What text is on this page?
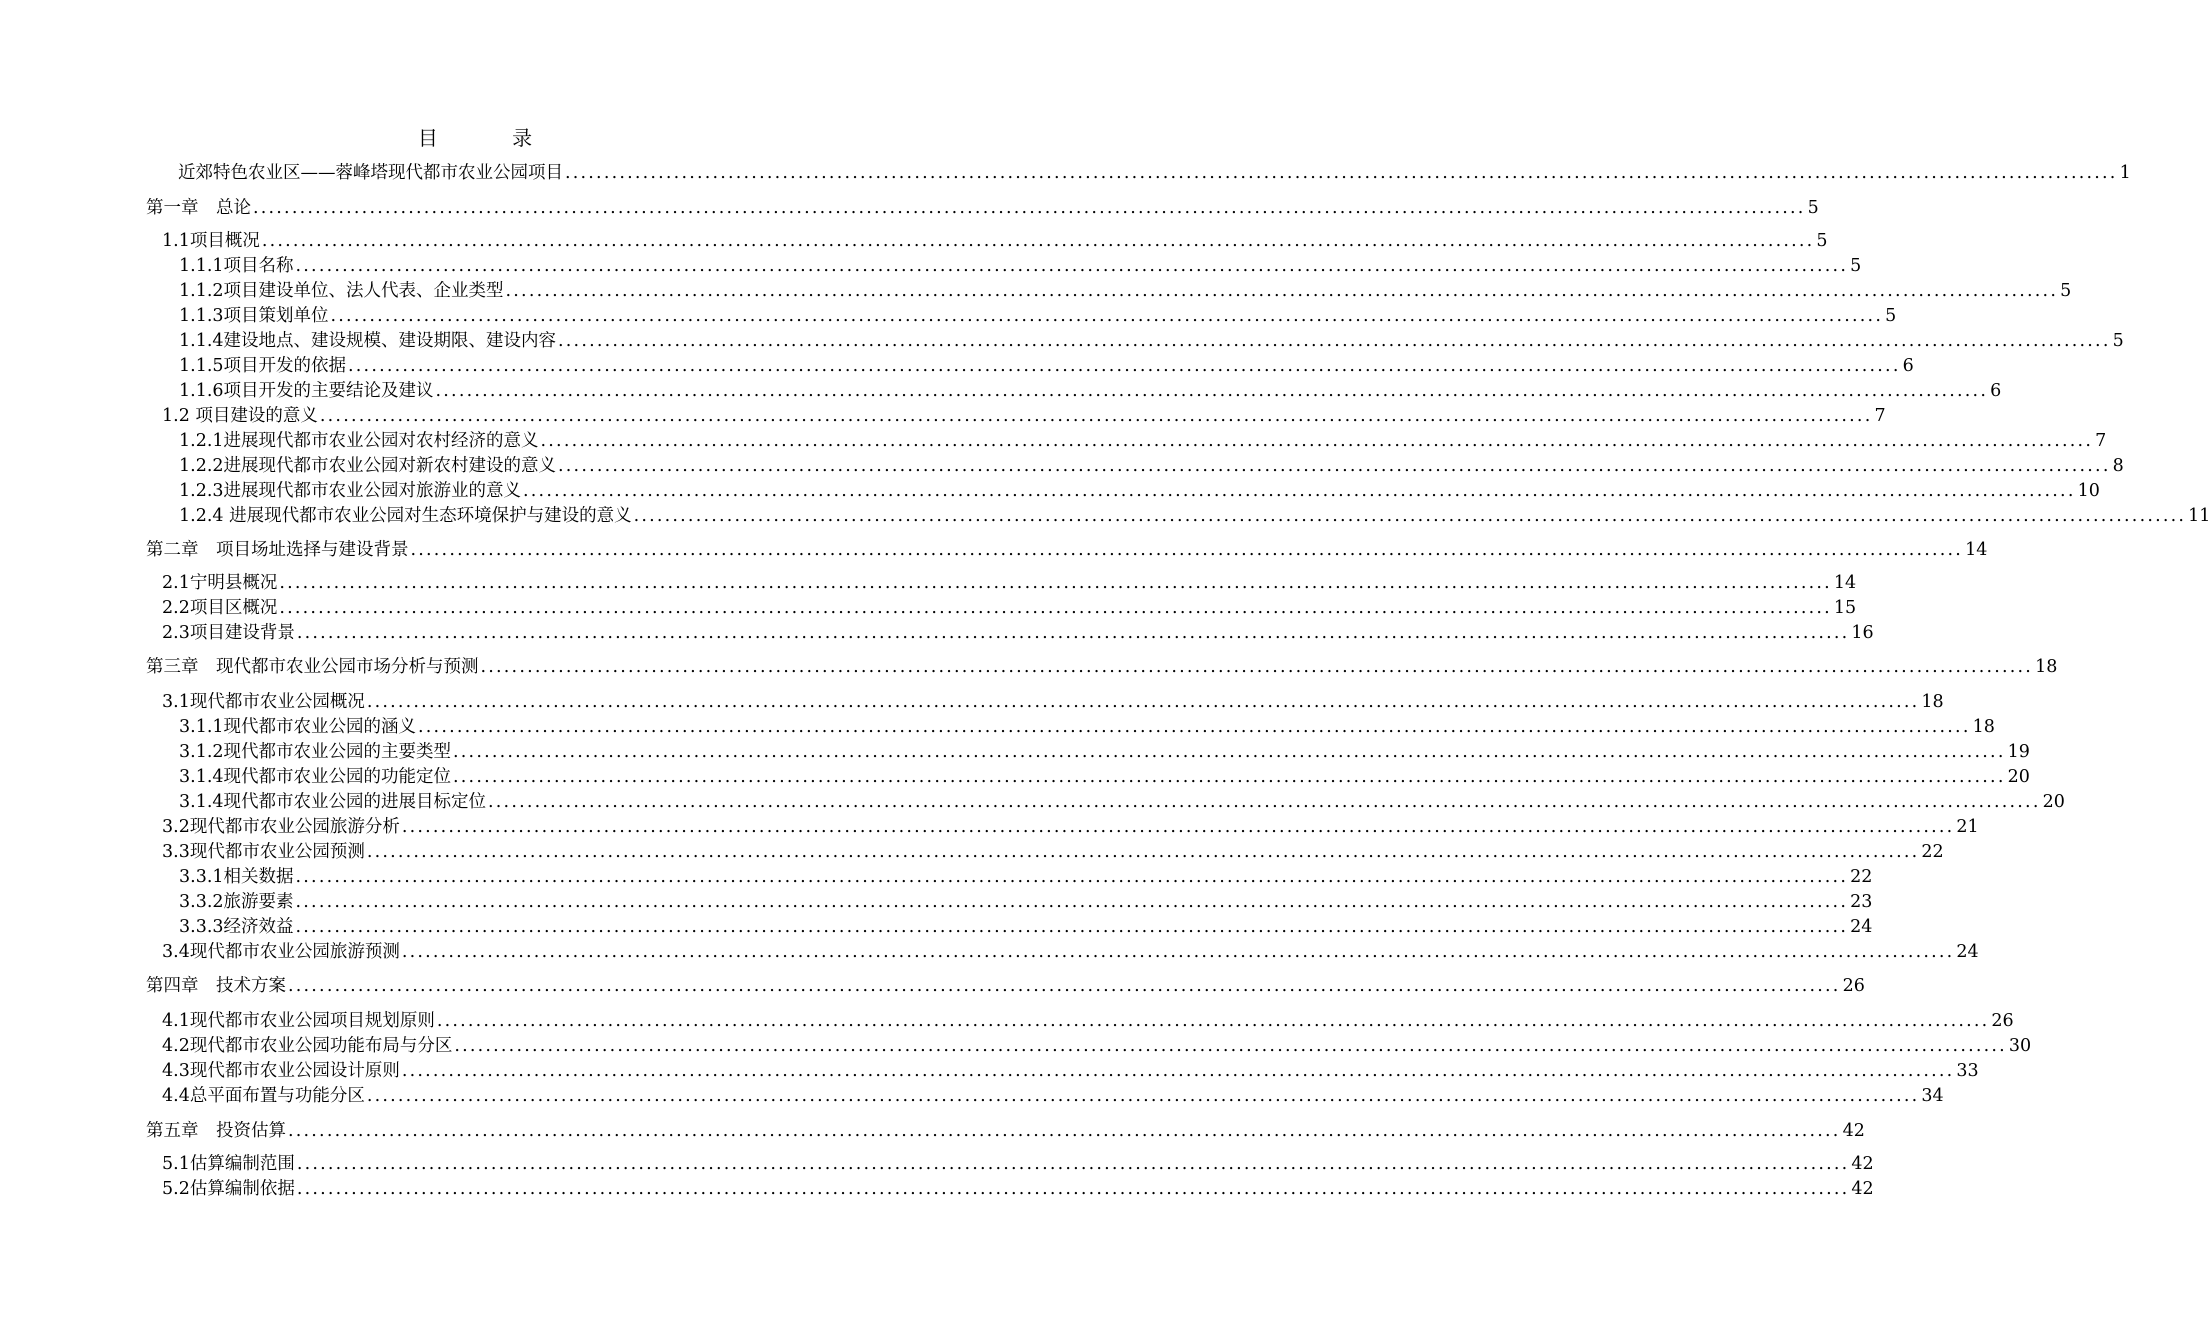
目 录
近郊特色农业区——蓉峰塔现代都市农业公园项目 ........................................................................................................................................................................................................ 1
第一章　总论 ........................................................................................................................................................................................................ 5
1.1项目概况 ........................................................................................................................................................................................................ 5
1.1.1项目名称 ........................................................................................................................................................................................................ 5
1.1.2项目建设单位、法人代表、企业类型 ........................................................................................................................................................................................................ 5
1.1.3项目策划单位 ........................................................................................................................................................................................................ 5
1.1.4建设地点、建设规模、建设期限、建设内容 ........................................................................................................................................................................................................ 5
1.1.5项目开发的依据 ........................................................................................................................................................................................................ 6
1.1.6项目开发的主要结论及建议 ........................................................................................................................................................................................................ 6
1.2 项目建设的意义 ........................................................................................................................................................................................................ 7
1.2.1进展现代都市农业公园对农村经济的意义 ........................................................................................................................................................................................................ 7
1.2.2进展现代都市农业公园对新农村建设的意义 ........................................................................................................................................................................................................ 8
1.2.3进展现代都市农业公园对旅游业的意义 ........................................................................................................................................................................................................ 10
1.2.4 进展现代都市农业公园对生态环境保护与建设的意义 ........................................................................................................................................................................................................ 11
第二章　项目场址选择与建设背景 ........................................................................................................................................................................................................ 14
2.1宁明县概况 ........................................................................................................................................................................................................ 14
2.2项目区概况 ........................................................................................................................................................................................................ 15
2.3项目建设背景 ........................................................................................................................................................................................................ 16
第三章　现代都市农业公园市场分析与预测 ........................................................................................................................................................................................................ 18
3.1现代都市农业公园概况 ........................................................................................................................................................................................................ 18
3.1.1现代都市农业公园的涵义 ........................................................................................................................................................................................................ 18
3.1.2现代都市农业公园的主要类型 ........................................................................................................................................................................................................ 19
3.1.4现代都市农业公园的功能定位 ........................................................................................................................................................................................................ 20
3.1.4现代都市农业公园的进展目标定位 ........................................................................................................................................................................................................ 20
3.2现代都市农业公园旅游分析 ........................................................................................................................................................................................................ 21
3.3现代都市农业公园预测 ........................................................................................................................................................................................................ 22
3.3.1相关数据 ........................................................................................................................................................................................................ 22
3.3.2旅游要素 ........................................................................................................................................................................................................ 23
3.3.3经济效益 ........................................................................................................................................................................................................ 24
3.4现代都市农业公园旅游预测 ........................................................................................................................................................................................................ 24
第四章　技术方案 ........................................................................................................................................................................................................ 26
4.1现代都市农业公园项目规划原则 ........................................................................................................................................................................................................ 26
4.2现代都市农业公园功能布局与分区 ........................................................................................................................................................................................................ 30
4.3现代都市农业公园设计原则 ........................................................................................................................................................................................................ 33
4.4总平面布置与功能分区 ........................................................................................................................................................................................................ 34
第五章　投资估算 ........................................................................................................................................................................................................ 42
5.1估算编制范围 ........................................................................................................................................................................................................ 42
5.2估算编制依据 ........................................................................................................................................................................................................ 42
